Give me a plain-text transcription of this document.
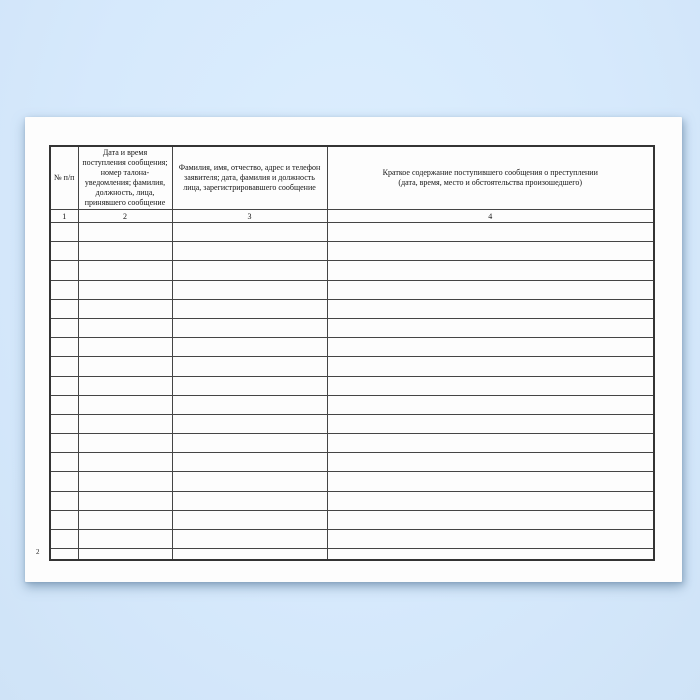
№ п/п	Дата и время поступления сообщения; номер талона-уведомления; фамилия, должность, лица, принявшего сообщение	Фамилия, имя, отчество, адрес и телефон заявителя; дата, фамилия и должность лица, зарегистрировавшего сообщение	Краткое содержание поступившего сообщения о преступлении
(дата, время, место и обстоятельства произошедшего)

1	2	3	4

2
